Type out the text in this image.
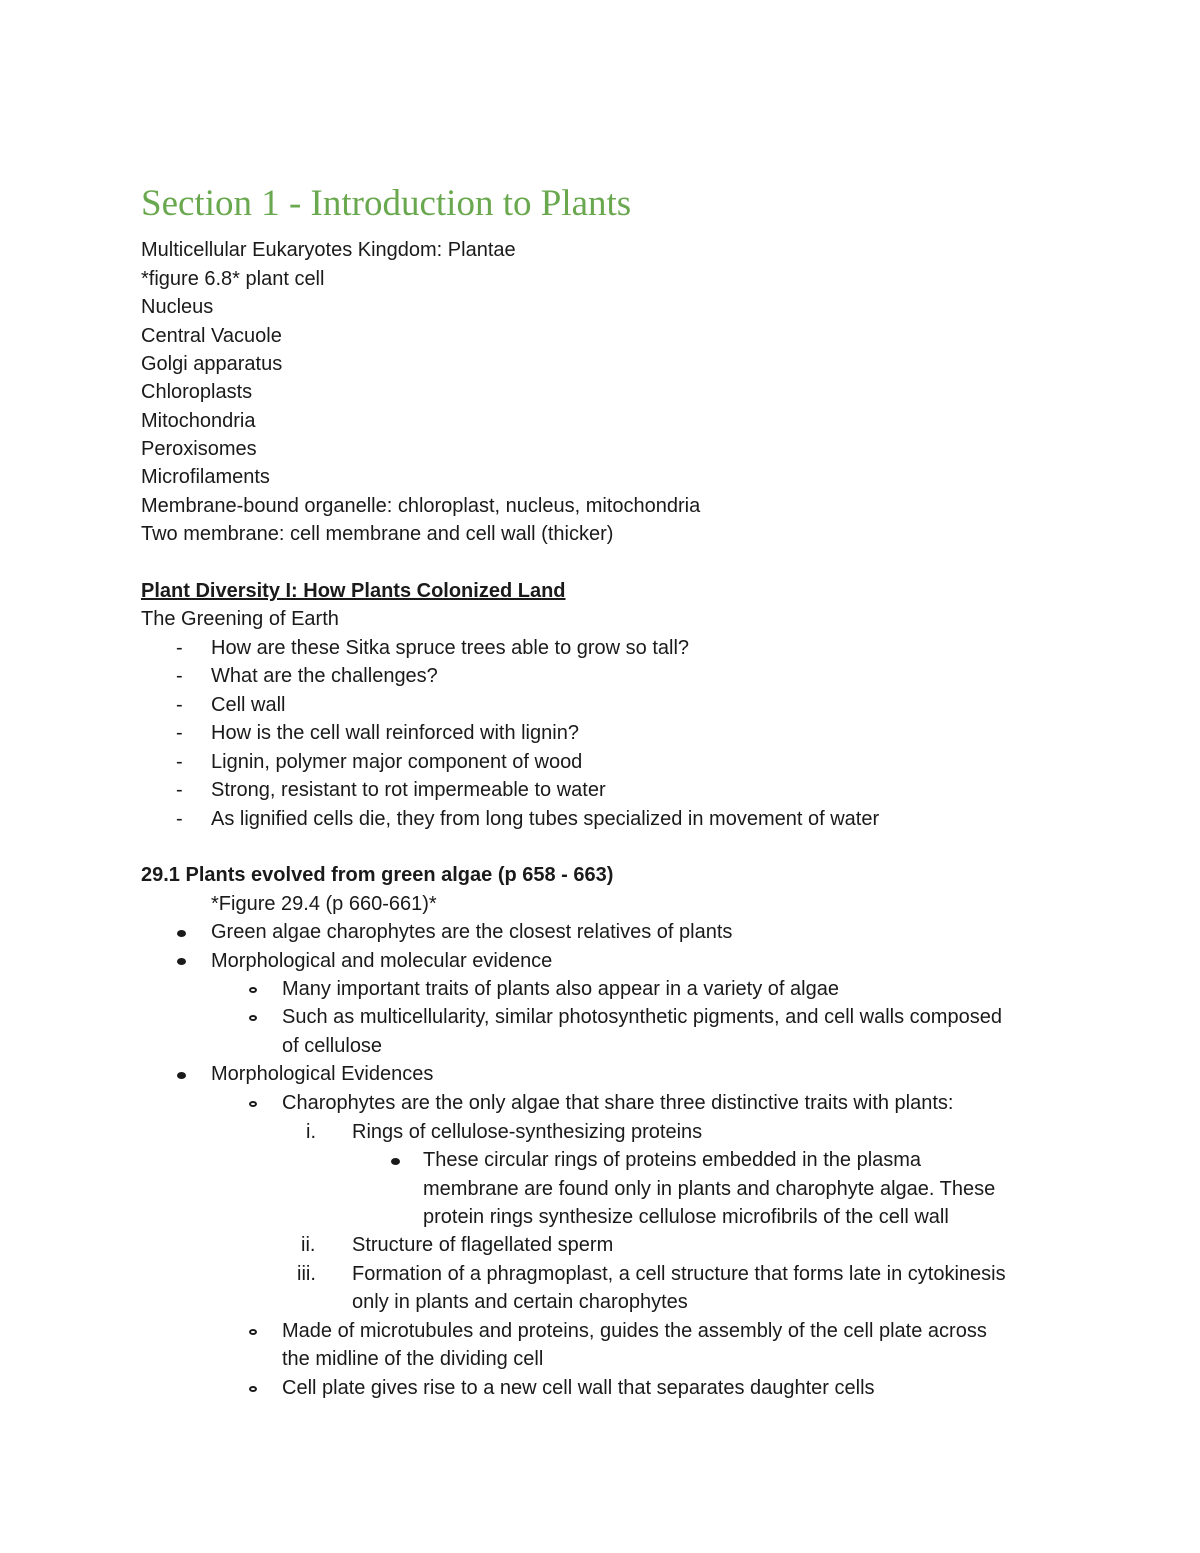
Section 1 - Introduction to Plants

Multicellular Eukaryotes Kingdom: Plantae

*figure 6.8* plant cell

Nucleus

Central Vacuole

Golgi apparatus

Chloroplasts

Mitochondria

Peroxisomes

Microfilaments

Membrane-bound organelle: chloroplast, nucleus, mitochondria

Two membrane: cell membrane and cell wall (thicker)

Plant Diversity I: How Plants Colonized Land

The Greening of Earth

- How are these Sitka spruce trees able to grow so tall?

- What are the challenges?

- Cell wall

- How is the cell wall reinforced with lignin?

- Lignin, polymer major component of wood

- Strong, resistant to rot impermeable to water

- As lignified cells die, they from long tubes specialized in movement of water

29.1 Plants evolved from green algae (p 658 - 663)

*Figure 29.4 (p 660-661)*

Green algae charophytes are the closest relatives of plants

Morphological and molecular evidence

Many important traits of plants also appear in a variety of algae

Such as multicellularity, similar photosynthetic pigments, and cell walls composed

of cellulose

Morphological Evidences

Charophytes are the only algae that share three distinctive traits with plants:

i. Rings of cellulose-synthesizing proteins

These circular rings of proteins embedded in the plasma

membrane are found only in plants and charophyte algae. These

protein rings synthesize cellulose microfibrils of the cell wall

ii. Structure of flagellated sperm

iii. Formation of a phragmoplast, a cell structure that forms late in cytokinesis

only in plants and certain charophytes

Made of microtubules and proteins, guides the assembly of the cell plate across

the midline of the dividing cell

Cell plate gives rise to a new cell wall that separates daughter cells
